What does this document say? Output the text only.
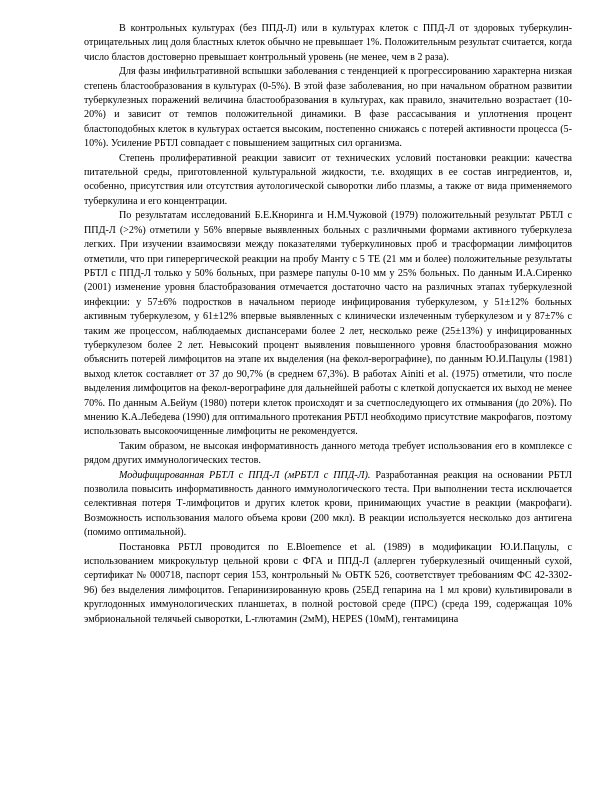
В контрольных культурах (без ППД-Л) или в культурах клеток с ППД-Л от здоровых туберкулин-отрицательных лиц доля бластных клеток обычно не превышает 1%. Положительным результат считается, когда число бластов достоверно превышает контрольный уровень (не менее, чем в 2 раза).

Для фазы инфильтративной вспышки заболевания с тенденцией к прогрессированию характерна низкая степень бластообразования в культурах (0-5%). В этой фазе заболевания, но при начальном обратном развитии туберкулезных поражений величина бластообразования в культурах, как правило, значительно возрастает (10-20%) и зависит от темпов положительной динамики. В фазе рассасывания и уплотнения процент бластоподобных клеток в культурах остается высоким, постепенно снижаясь с потерей активности процесса (5-10%). Усиление РБТЛ совпадает с повышением защитных сил организма.

Степень пролиферативной реакции зависит от технических условий постановки реакции: качества питательной среды, приготовленной культуральной жидкости, т.е. входящих в ее состав ингредиентов, и, особенно, присутствия или отсутствия аутологической сыворотки либо плазмы, а также от вида применяемого туберкулина и его концентрации.

По результатам исследований Б.Е.Кноринга и Н.М.Чужовой (1979) положительный результат РБТЛ с ППД-Л (>2%) отметили у 56% впервые выявленных больных с различными формами активного туберкулеза легких. При изучении взаимосвязи между показателями туберкулиновых проб и трасформации лимфоцитов отметили, что при гиперергической реакции на пробу Манту с 5 ТЕ (21 мм и более) положительные результаты РБТЛ с ППД-Л только у 50% больных, при размере папулы 0-10 мм у 25% больных. По данным И.А.Сиренко (2001) изменение уровня бластобразования отмечается достаточно часто на различных этапах туберкулезной инфекции: у 57±6% подростков в начальном периоде инфицирования туберкулезом, у 51±12% больных активным туберкулезом, у 61±12% впервые выявленных с клинически излеченным туберкулезом и у 87±7% с таким же процессом, наблюдаемых диспансерами более 2 лет, несколько реже (25±13%) у инфицированных туберкулезом более 2 лет. Невысокий процент выявления повышенного уровня бластообразования можно объяснить потерей лимфоцитов на этапе их выделения (на фекол-верографине), по данным Ю.И.Пацулы (1981) выход клеток составляет от 37 до 90,7% (в среднем 67,3%). В работах Ainiti et al. (1975) отметили, что после выделения лимфоцитов на фекол-верографине для дальнейшей работы с клеткой допускается их выход не менее 70%. По данным А.Бейум (1980) потери клеток происходят и за счетпоследующего их отмывания (до 20%). По мнению К.А.Лебедева (1990) для оптимального протекания РБТЛ необходимо присутствие макрофагов, поэтому использовать высокоочищенные лимфоциты не рекомендуется.

Таким образом, не высокая информативность данного метода требует использования его в комплексе с рядом других иммунологических тестов.

Модифицированная РБТЛ с ППД-Л (мРБТЛ с ППД-Л). Разработанная реакция на основании РБТЛ позволила повысить информативность данного иммунологического теста. При выполнении теста исключается селективная потеря Т-лимфоцитов и других клеток крови, принимающих участие в реакции (макрофаги). Возможность использования малого объема крови (200 мкл). В реакции используется несколько доз антигена (помимо оптимальной).

Постановка РБТЛ проводится по E.Bloemence et al. (1989) в модификации Ю.И.Пацулы, с использованием микрокультур цельной крови с ФГА и ППД-Л (аллерген туберкулезный очищенный сухой, сертификат № 000718, паспорт серия 153, контрольный № ОБТК 526, соответствует требованиям ФС 42-3302-96) без выделения лимфоцитов. Гепаринизированную кровь (25ЕД гепарина на 1 мл крови) культивировали в круглодонных иммунологических планшетах, в полной ростовой среде (ПРС) (среда 199, содержащая 10% эмбриональной телячьей сыворотки, L-глютамин (2мМ), HEPES (10мМ), гентамицина
